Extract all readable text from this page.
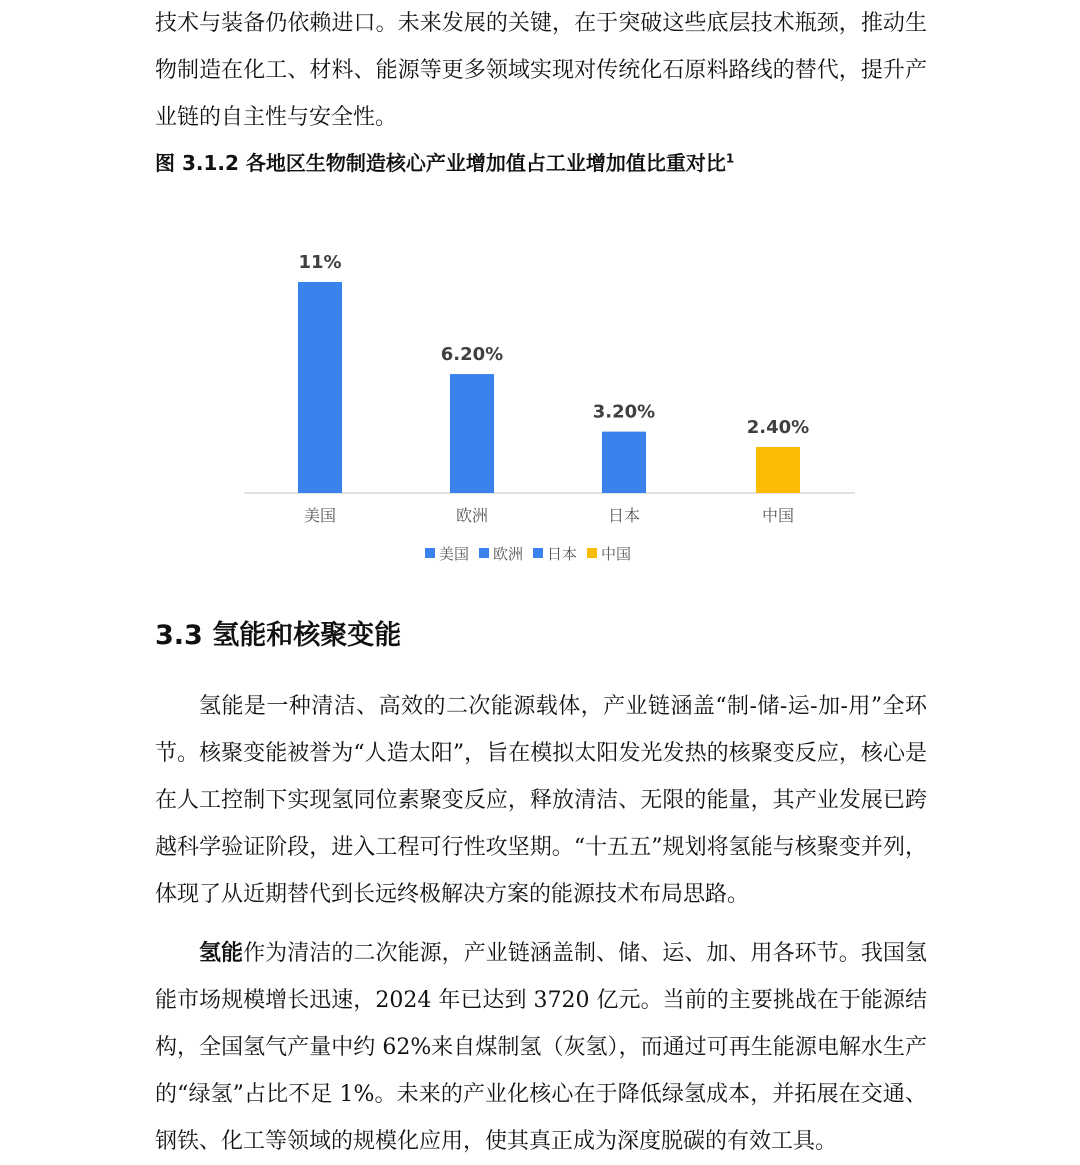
技术与装备仍依赖进口。未来发展的关键，在于突破这些底层技术瓶颈，推动生物制造在化工、材料、能源等更多领域实现对传统化石原料路线的替代，提升产业链的自主性与安全性。

图 3.1.2 各地区生物制造核心产业增加值占工业增加值比重对比$^1$

11%
美国
6.20%
欧洲
3.20%
日本
2.40%
中国
美国 欧洲 日本 中国
3.3 氢能和核聚变能

氢能是一种清洁、高效的二次能源载体，产业链涵盖“制-储-运-加-用”全环节。核聚变能被誉为“人造太阳”，旨在模拟太阳发光发热的核聚变反应，核心是在人工控制下实现氢同位素聚变反应，释放清洁、无限的能量，其产业发展已跨越科学验证阶段，进入工程可行性攻坚期。“十五五”规划将氢能与核聚变并列，体现了从近期替代到长远终极解决方案的能源技术布局思路。

氢能作为清洁的二次能源，产业链涵盖制、储、运、加、用各环节。我国氢能市场规模增长迅速，2024 年已达到 3720 亿元。当前的主要挑战在于能源结构，全国氢气产量中约 62%来自煤制氢（灰氢），而通过可再生能源电解水生产的“绿氢”占比不足 1%。未来的产业化核心在于降低绿氢成本，并拓展在交通、钢铁、化工等领域的规模化应用，使其真正成为深度脱碳的有效工具。
